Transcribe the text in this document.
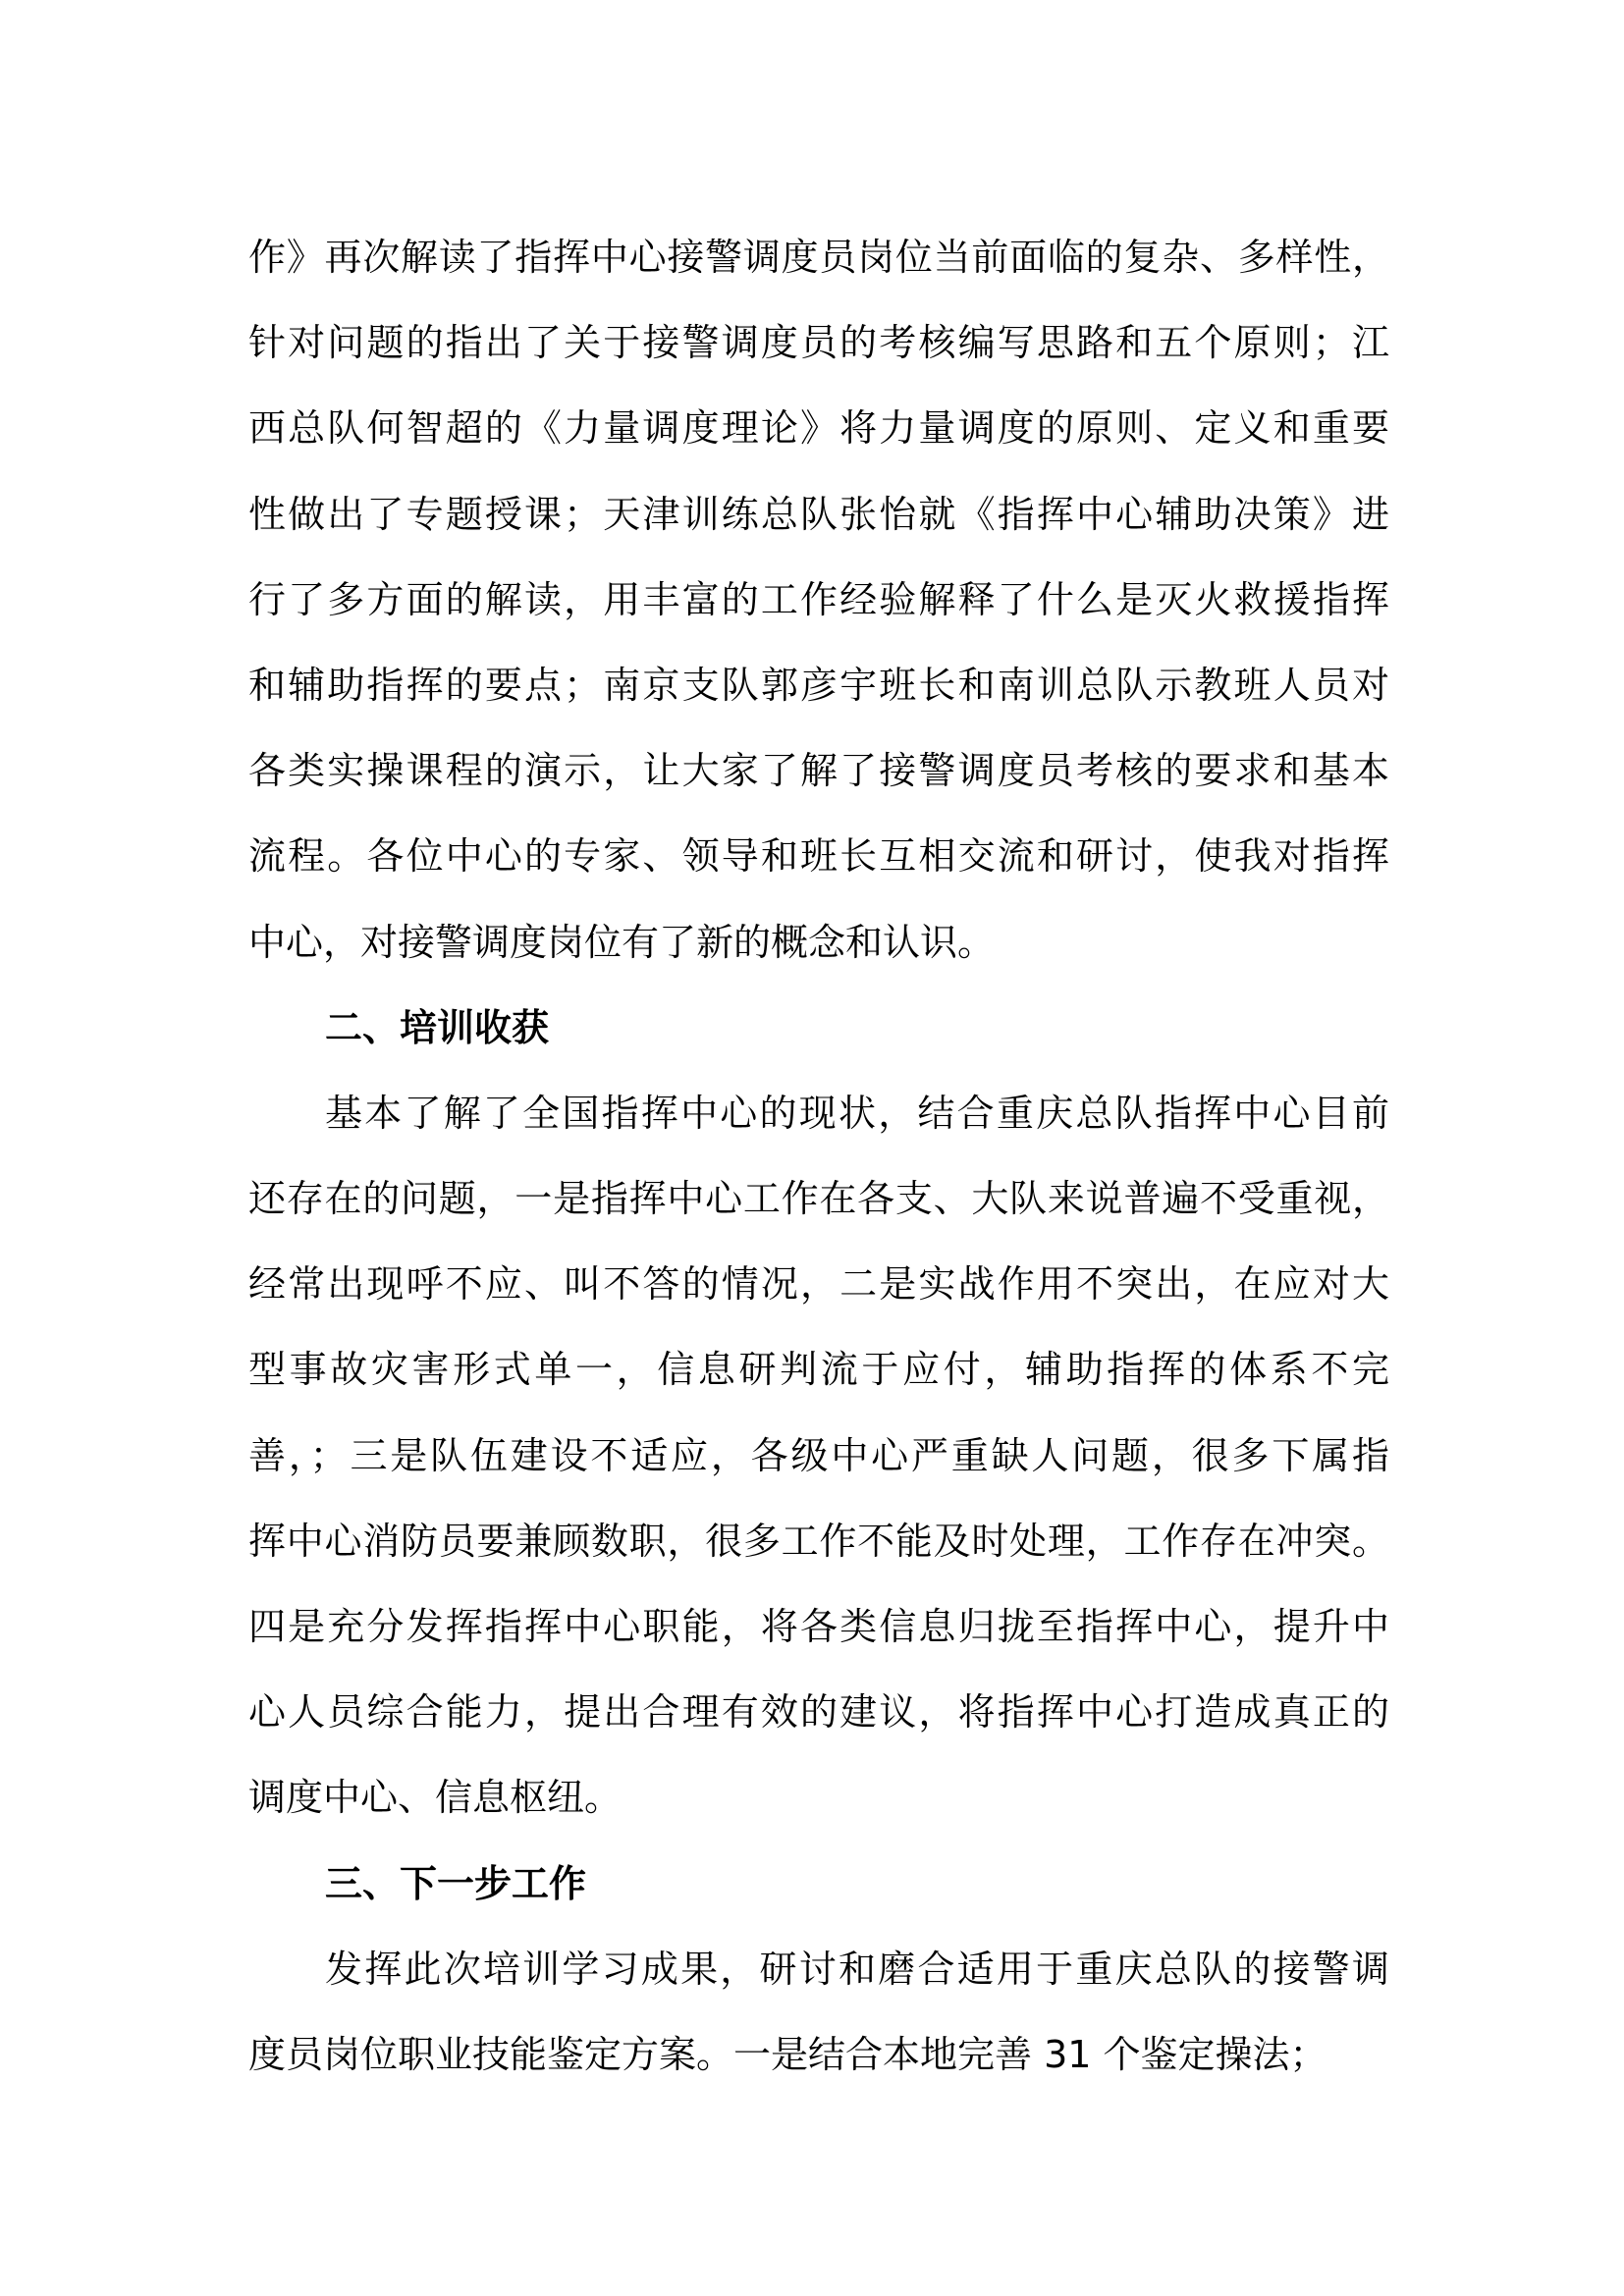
作》再次解读了指挥中心接警调度员岗位当前面临的复杂、多样性，
针对问题的指出了关于接警调度员的考核编写思路和五个原则；江
西总队何智超的《力量调度理论》将力量调度的原则、定义和重要
性做出了专题授课；天津训练总队张怡就《指挥中心辅助决策》进
行了多方面的解读，用丰富的工作经验解释了什么是灭火救援指挥
和辅助指挥的要点；南京支队郭彦宇班长和南训总队示教班人员对
各类实操课程的演示，让大家了解了接警调度员考核的要求和基本
流程。各位中心的专家、领导和班长互相交流和研讨，使我对指挥
中心，对接警调度岗位有了新的概念和认识。
二、培训收获
基本了解了全国指挥中心的现状，结合重庆总队指挥中心目前
还存在的问题，一是指挥中心工作在各支、大队来说普遍不受重视，
经常出现呼不应、叫不答的情况，二是实战作用不突出，在应对大
型事故灾害形式单一，信息研判流于应付，辅助指挥的体系不完
善，；三是队伍建设不适应，各级中心严重缺人问题，很多下属指
挥中心消防员要兼顾数职，很多工作不能及时处理，工作存在冲突。
四是充分发挥指挥中心职能，将各类信息归拢至指挥中心，提升中
心人员综合能力，提出合理有效的建议，将指挥中心打造成真正的
调度中心、信息枢纽。
三、下一步工作
发挥此次培训学习成果，研讨和磨合适用于重庆总队的接警调
度员岗位职业技能鉴定方案。一是结合本地完善 31 个鉴定操法；
